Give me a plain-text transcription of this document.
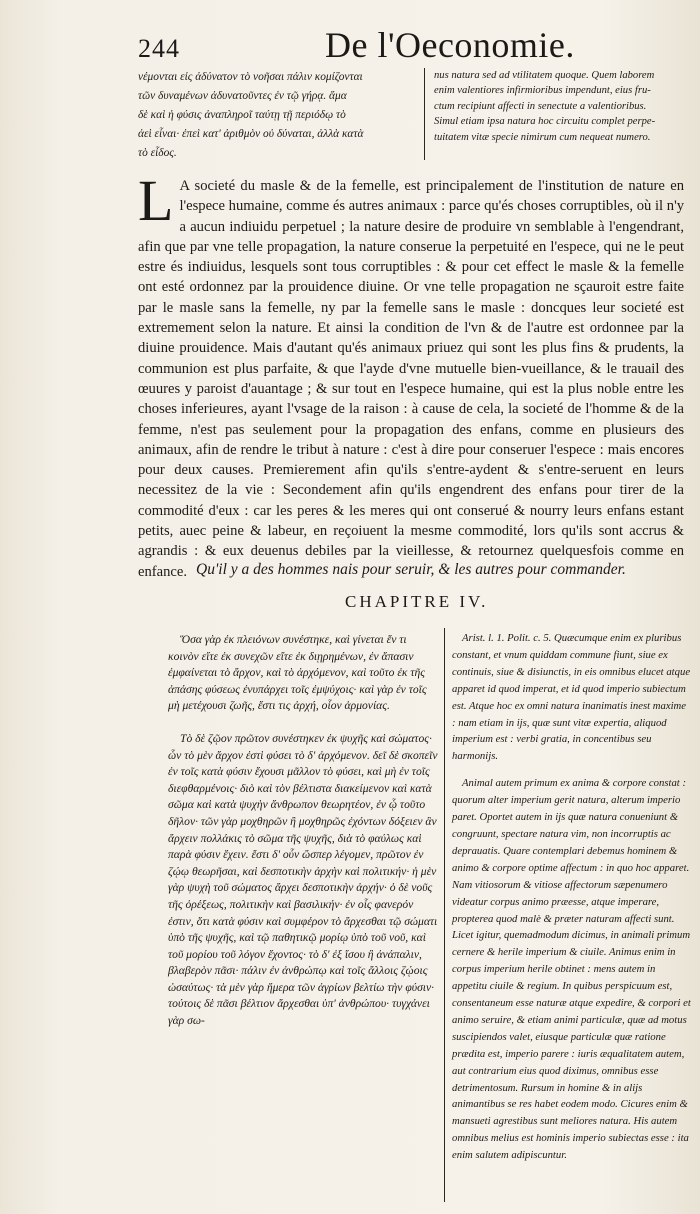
244	De l'Oeconomie.
νέμονται εἰς ἀδύνατον τὸ νοῆσαι πάλιν κομίζονται
τῶν δυναμένων ἀδυνατοῦντες ἐν τῷ γήρᾳ. ἅμα
δὲ καὶ ἡ φύσις ἀναπληροῖ ταύτῃ τῇ περιόδῳ τὸ
ἀεὶ εἶναι· ἐπεὶ κατ' ἀριθμὸν οὐ δύναται, ἀλλὰ κατὰ
τὸ εἶδος.
nus natura sed ad vtilitatem quoque. Quem laborem
enim valentiores infirmioribus impendunt, eius fru-
ctum recipiunt affecti in senectute a valentioribus.
Simul etiam ipsa natura hoc circuitu complet perpe-
tuitatem vitæ specie nimirum cum nequeat numero.

L A societé du masle & de la femelle, est principalement de l'institution de nature en l'espece humaine, comme és autres animaux : parce qu'és choses corruptibles, où il n'y a aucun indiuidu perpetuel ; la nature desire de produire vn semblable à l'engendrant, afin que par vne telle propagation, la nature conserue la perpetuité en l'espece, qui ne le peut estre és indiuidus, lesquels sont tous corruptibles : & pour cet effect le masle & la femelle ont esté ordonnez par la prouidence diuine. Or vne telle propagation ne sçauroit estre faite par le masle sans la femelle, ny par la femelle sans le masle : doncques leur societé est extremement selon la nature. Et ainsi la condition de l'vn & de l'autre est ordonnee par la diuine prouidence. Mais d'autant qu'és animaux priuez qui sont les plus fins & prudents, la communion est plus parfaite, & que l'ayde d'vne mutuelle bien-vueillance, & le trauail des œuures y paroist d'auantage ; & sur tout en l'espece humaine, qui est la plus noble entre les choses inferieures, ayant l'vsage de la raison : à cause de cela, la societé de l'homme & de la femme, n'est pas seulement pour la propagation des enfans, comme en plusieurs des animaux, afin de rendre le tribut à nature : c'est à dire pour conseruer l'espece : mais encores pour deux causes. Premierement afin qu'ils s'entre-aydent & s'entre-seruent en leurs necessitez de la vie : Secondement afin qu'ils engendrent des enfans pour tirer de la commodité d'eux : car les peres & les meres qui ont conserué & nourry leurs enfans estant petits, auec peine & labeur, en reçoiuent la mesme commodité, lors qu'ils sont accrus & agrandis : & eux deuenus debiles par la vieillesse, & retournez quelquesfois comme en enfance. Qu'il y a des hommes nais pour seruir, & les autres pour commander.
CHAPITRE IV.

Ὅσα γὰρ ἐκ πλειόνων συνέστηκε, καὶ γίνεται ἕν τι κοινὸν εἴτε ἐκ συνεχῶν εἴτε ἐκ διῃρημένων, ἐν ἅπασιν ἐμφαίνεται τὸ ἄρχον, καὶ τὸ ἀρχόμενον, καὶ τοῦτο ἐκ τῆς ἁπάσης φύσεως ἐνυπάρχει τοῖς ἐμψύχοις· καὶ γὰρ ἐν τοῖς μὴ μετέχουσι ζωῆς, ἔστι τις ἀρχή, οἷον ἁρμονίας.

Τὸ δὲ ζῷον πρῶτον συνέστηκεν ἐκ ψυχῆς καὶ σώματος· ὧν τὸ μὲν ἄρχον ἐστὶ φύσει τὸ δ' ἀρχόμενον. δεῖ δὲ σκοπεῖν ἐν τοῖς κατὰ φύσιν ἔχουσι μᾶλλον τὸ φύσει, καὶ μὴ ἐν τοῖς διεφθαρμένοις· διὸ καὶ τὸν βέλτιστα διακείμενον καὶ κατὰ σῶμα καὶ κατὰ ψυχὴν ἄνθρωπον θεωρητέον, ἐν ᾧ τοῦτο δῆλον· τῶν γὰρ μοχθηρῶν ἢ μοχθηρῶς ἐχόντων δόξειεν ἂν ἄρχειν πολλάκις τὸ σῶμα τῆς ψυχῆς, διὰ τὸ φαύλως καὶ παρὰ φύσιν ἔχειν. ἔστι δ' οὖν ὥσπερ λέγομεν, πρῶτον ἐν ζῴῳ θεωρῆσαι, καὶ δεσποτικὴν ἀρχὴν καὶ πολιτικήν· ἡ μὲν γὰρ ψυχὴ τοῦ σώματος ἄρχει δεσποτικὴν ἀρχήν· ὁ δὲ νοῦς τῆς ὀρέξεως, πολιτικὴν καὶ βασιλικήν· ἐν οἷς φανερόν ἐστιν, ὅτι κατὰ φύσιν καὶ συμφέρον τὸ ἄρχεσθαι τῷ σώματι ὑπὸ τῆς ψυχῆς, καὶ τῷ παθητικῷ μορίῳ ὑπὸ τοῦ νοῦ, καὶ τοῦ μορίου τοῦ λόγον ἔχοντος· τὸ δ' ἐξ ἴσου ἢ ἀνάπαλιν, βλαβερὸν πᾶσι· πάλιν ἐν ἀνθρώπῳ καὶ τοῖς ἄλλοις ζῴοις ὡσαύτως· τὰ μὲν γὰρ ἥμερα τῶν ἀγρίων βελτίω τὴν φύσιν· τούτοις δὲ πᾶσι βέλτιον ἄρχεσθαι ὑπ' ἀνθρώπου· τυγχάνει γὰρ σω-

Arist. l. 1. Polit. c. 5. Quæcumque enim ex pluribus constant, et vnum quiddam commune fiunt, siue ex continuis, siue & disiunctis, in eis omnibus elucet atque apparet id quod imperat, et id quod imperio subiectum est. Atque hoc ex omni natura inanimatis inest maxime : nam etiam in ijs, quæ sunt vitæ expertia, aliquod imperium est : verbi gratia, in concentibus seu harmonijs.

Animal autem primum ex anima & corpore constat : quorum alter imperium gerit natura, alterum imperio paret. Oportet autem in ijs quæ natura conueniunt & congruunt, spectare natura vim, non incorruptis ac deprauatis. Quare contemplari debemus hominem & animo & corpore optime affectum : in quo hoc apparet. Nam vitiosorum & vitiose affectorum sæpenumero videatur corpus animo præesse, atque imperare, propterea quod malè & præter naturam affecti sunt. Licet igitur, quemadmodum dicimus, in animali primum cernere & herile imperium & ciuile. Animus enim in corpus imperium herile obtinet : mens autem in appetitu ciuile & regium. In quibus perspicuum est, consentaneum esse naturæ atque expedire, & corpori et animo seruire, & etiam animi particulæ, quæ ad motus suscipiendos valet, eiusque particulæ quæ ratione prædita est, imperio parere : iuris æqualitatem autem, aut contrarium eius quod diximus, omnibus esse detrimentosum. Rursum in homine & in alijs animantibus se res habet eodem modo. Cicures enim & mansueti agrestibus sunt meliores natura. His autem omnibus melius est hominis imperio subiectas esse : ita enim salutem adipiscuntur.
